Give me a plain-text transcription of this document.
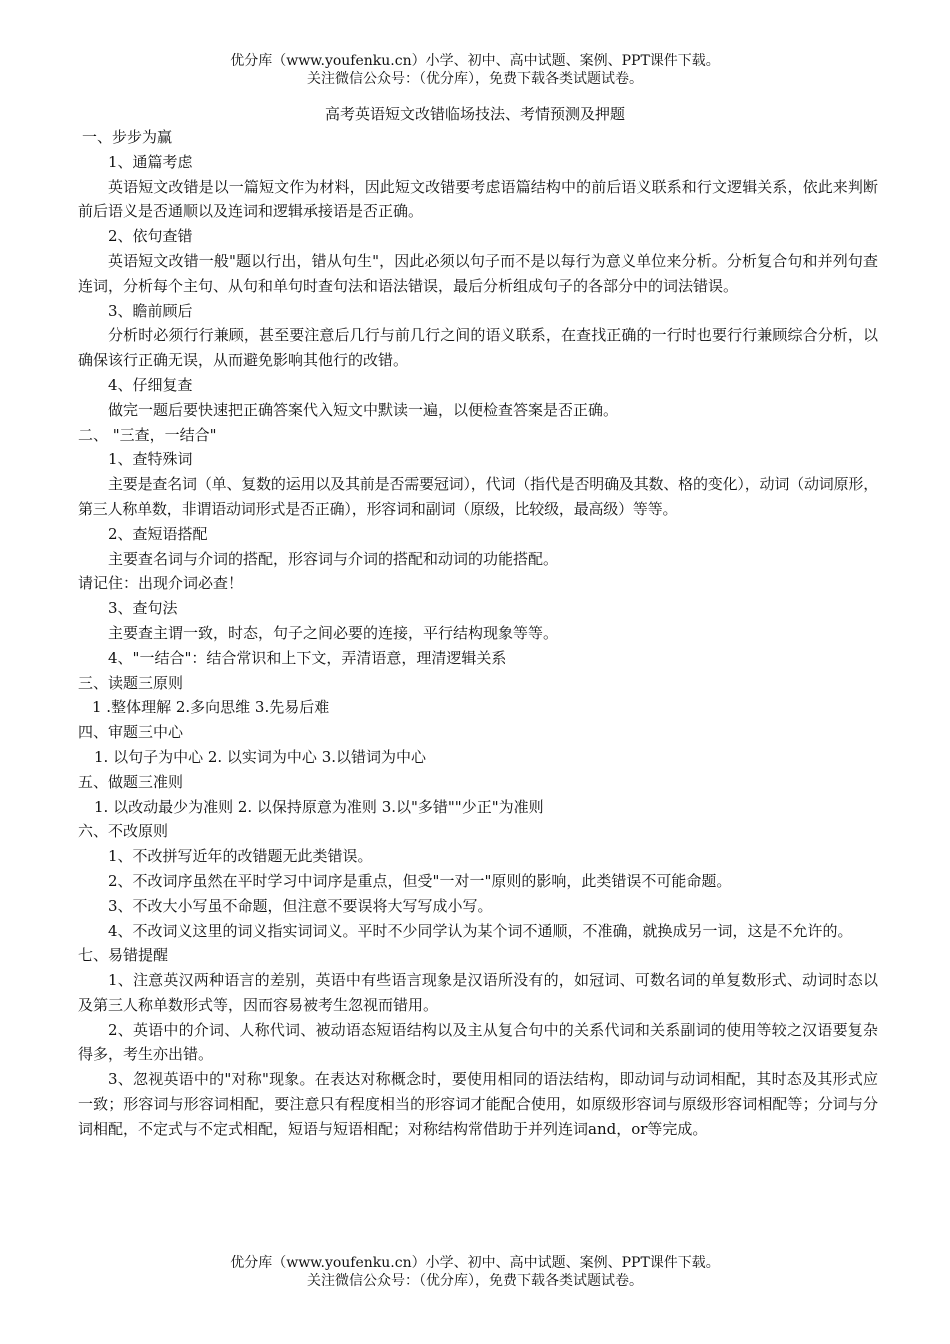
优分库（www.youfenku.cn）小学、初中、高中试题、案例、PPT课件下载。
关注微信公众号：（优分库），免费下载各类试题试卷。
高考英语短文改错临场技法、考情预测及押题

一、步步为赢

1、通篇考虑

英语短文改错是以一篇短文作为材料，因此短文改错要考虑语篇结构中的前后语义联系和行文逻辑关系，依此来判断前后语义是否通顺以及连词和逻辑承接语是否正确。

2、依句查错

英语短文改错一般"题以行出，错从句生"，因此必须以句子而不是以每行为意义单位来分析。分析复合句和并列句查连词，分析每个主句、从句和单句时查句法和语法错误，最后分析组成句子的各部分中的词法错误。

3、瞻前顾后

分析时必须行行兼顾，甚至要注意后几行与前几行之间的语义联系，在查找正确的一行时也要行行兼顾综合分析，以确保该行正确无误，从而避免影响其他行的改错。

4、仔细复查

做完一题后要快速把正确答案代入短文中默读一遍，以便检查答案是否正确。

二、 "三查，一结合"

1、查特殊词

主要是查名词（单、复数的运用以及其前是否需要冠词），代词（指代是否明确及其数、格的变化），动词（动词原形，第三人称单数，非谓语动词形式是否正确），形容词和副词（原级，比较级，最高级）等等。

2、查短语搭配

主要查名词与介词的搭配，形容词与介词的搭配和动词的功能搭配。

请记住：出现介词必查！

3、查句法

主要查主谓一致，时态，句子之间必要的连接，平行结构现象等等。

4、"一结合"：结合常识和上下文，弄清语意，理清逻辑关系

三、读题三原则

1 .整体理解 2.多向思维 3.先易后难

四、审题三中心

1. 以句子为中心 2. 以实词为中心 3.以错词为中心

五、做题三准则

1. 以改动最少为准则 2. 以保持原意为准则 3.以"多错""少正"为准则

六、不改原则

1、不改拼写近年的改错题无此类错误。

2、不改词序虽然在平时学习中词序是重点，但受"一对一"原则的影响，此类错误不可能命题。

3、不改大小写虽不命题，但注意不要误将大写写成小写。

4、不改词义这里的词义指实词词义。平时不少同学认为某个词不通顺，不准确，就换成另一词，这是不允许的。

七、易错提醒

1、注意英汉两种语言的差别，英语中有些语言现象是汉语所没有的，如冠词、可数名词的单复数形式、动词时态以及第三人称单数形式等，因而容易被考生忽视而错用。

2、英语中的介词、人称代词、被动语态短语结构以及主从复合句中的关系代词和关系副词的使用等较之汉语要复杂得多，考生亦出错。

3、忽视英语中的"对称"现象。在表达对称概念时，要使用相同的语法结构，即动词与动词相配，其时态及其形式应一致；形容词与形容词相配，要注意只有程度相当的形容词才能配合使用，如原级形容词与原级形容词相配等；分词与分词相配，不定式与不定式相配，短语与短语相配；对称结构常借助于并列连词and，or等完成。

优分库（www.youfenku.cn）小学、初中、高中试题、案例、PPT课件下载。
关注微信公众号：（优分库），免费下载各类试题试卷。
